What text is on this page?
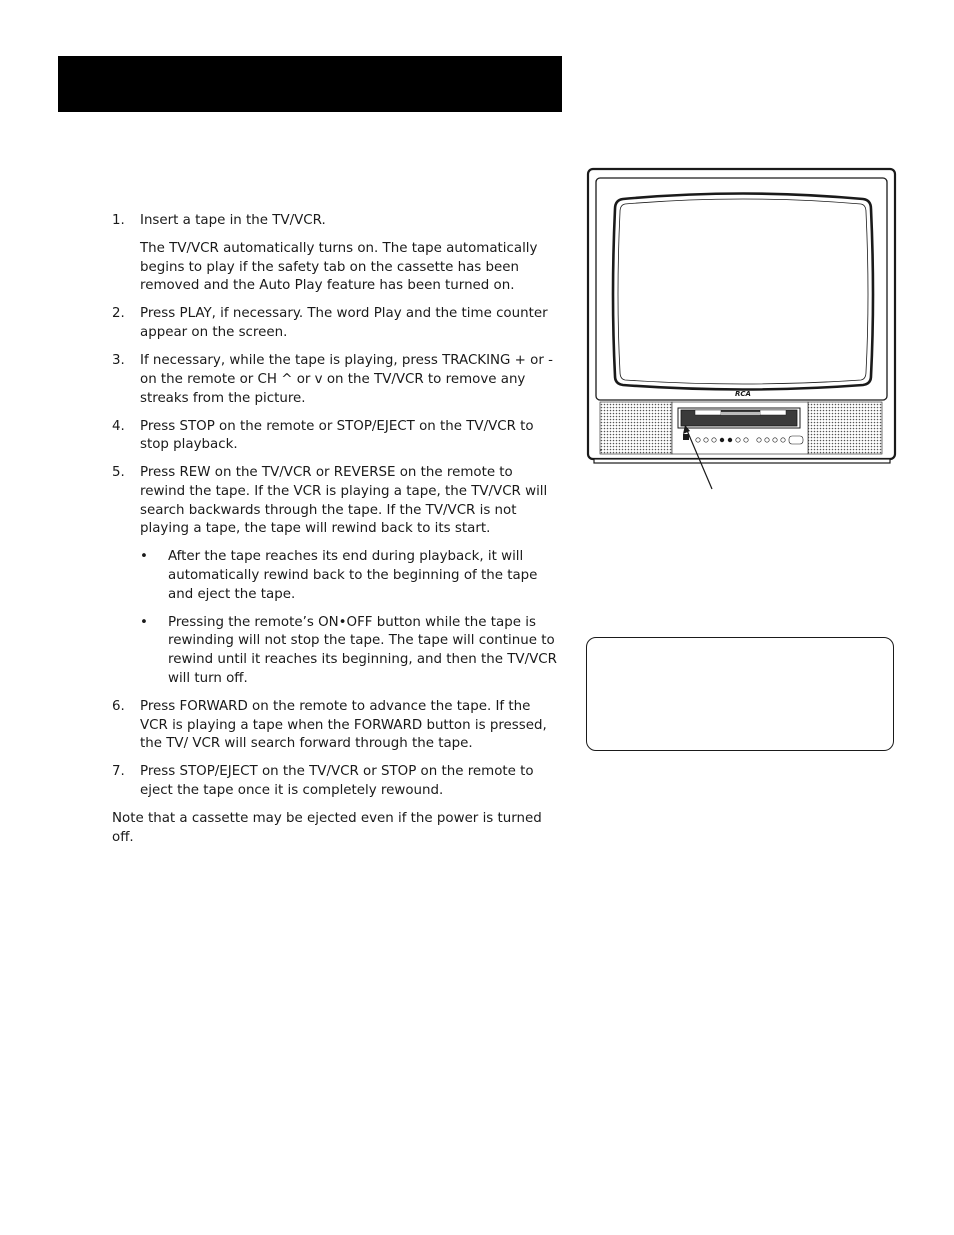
1. Insert a tape in the TV/VCR.

The TV/VCR automatically turns on. The tape automatically begins to play if the safety tab on the cassette has been removed and the Auto Play feature has been turned on.

2. Press PLAY, if necessary. The word Play and the time counter appear on the screen.

3. If necessary, while the tape is playing, press TRACKING + or - on the remote or CH ^ or v on the TV/VCR to remove any streaks from the picture.

4. Press STOP on the remote or STOP/EJECT on the TV/VCR to stop playback.

5. Press REW on the TV/VCR or REVERSE on the remote to rewind the tape. If the VCR is playing a tape, the TV/VCR will search backwards through the tape. If the TV/VCR is not playing a tape, the tape will rewind back to its start.

• After the tape reaches its end during playback, it will automatically rewind back to the beginning of the tape and eject the tape.

• Pressing the remote’s ON•OFF button while the tape is rewinding will not stop the tape. The tape will continue to rewind until it reaches its beginning, and then the TV/VCR will turn off.

6. Press FORWARD on the remote to advance the tape. If the VCR is playing a tape when the FORWARD button is pressed, the TV/ VCR will search forward through the tape.

7. Press STOP/EJECT on the TV/VCR or STOP on the remote to eject the tape once it is completely rewound.

Note that a cassette may be ejected even if the power is turned off.

RCA
